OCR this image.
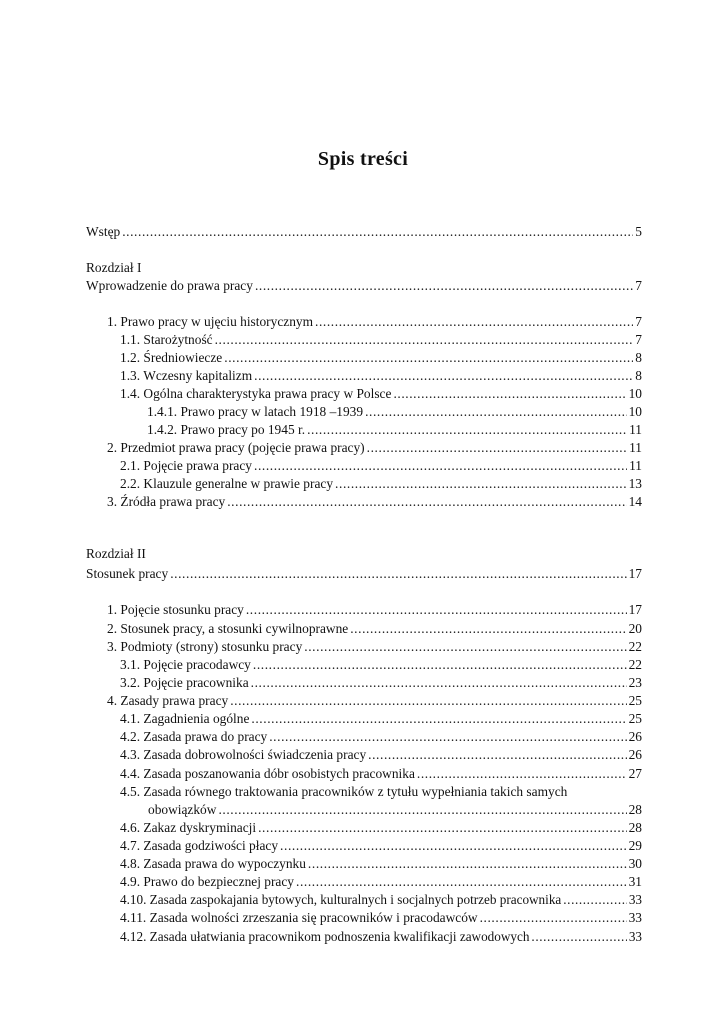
Spis treści
Wstęp .....	5
Rozdział I
Wprowadzenie do prawa pracy .....	7
1. Prawo pracy w ujęciu historycznym .....	7
1.1. Starożytność .....	7
1.2. Średniowiecze .....	8
1.3. Wczesny kapitalizm .....	8
1.4. Ogólna charakterystyka prawa pracy w Polsce .....	10
1.4.1. Prawo pracy w latach 1918 –1939 .....	10
1.4.2. Prawo pracy po 1945 r. .....	11
2. Przedmiot prawa pracy (pojęcie prawa pracy) .....	11
2.1. Pojęcie prawa pracy .....	11
2.2. Klauzule generalne w prawie pracy .....	13
3. Źródła prawa pracy .....	14
Rozdział II
Stosunek pracy .....	17
1. Pojęcie stosunku pracy .....	17
2. Stosunek pracy, a stosunki cywilnoprawne .....	20
3. Podmioty (strony) stosunku pracy .....	22
3.1. Pojęcie pracodawcy .....	22
3.2. Pojęcie pracownika .....	23
4. Zasady prawa pracy .....	25
4.1. Zagadnienia ogólne .....	25
4.2. Zasada prawa do pracy .....	26
4.3. Zasada dobrowolności świadczenia pracy .....	26
4.4. Zasada poszanowania dóbr osobistych pracownika .....	27
4.5. Zasada równego traktowania pracowników z tytułu wypełniania takich samych
obowiązków .....	28
4.6. Zakaz dyskryminacji .....	28
4.7. Zasada godziwości płacy .....	29
4.8. Zasada prawa do wypoczynku .....	30
4.9. Prawo do bezpiecznej pracy .....	31
4.10. Zasada zaspokajania bytowych, kulturalnych i socjalnych potrzeb pracownika .....	33
4.11. Zasada wolności zrzeszania się pracowników i pracodawców .....	33
4.12. Zasada ułatwiania pracownikom podnoszenia kwalifikacji zawodowych .....	33
